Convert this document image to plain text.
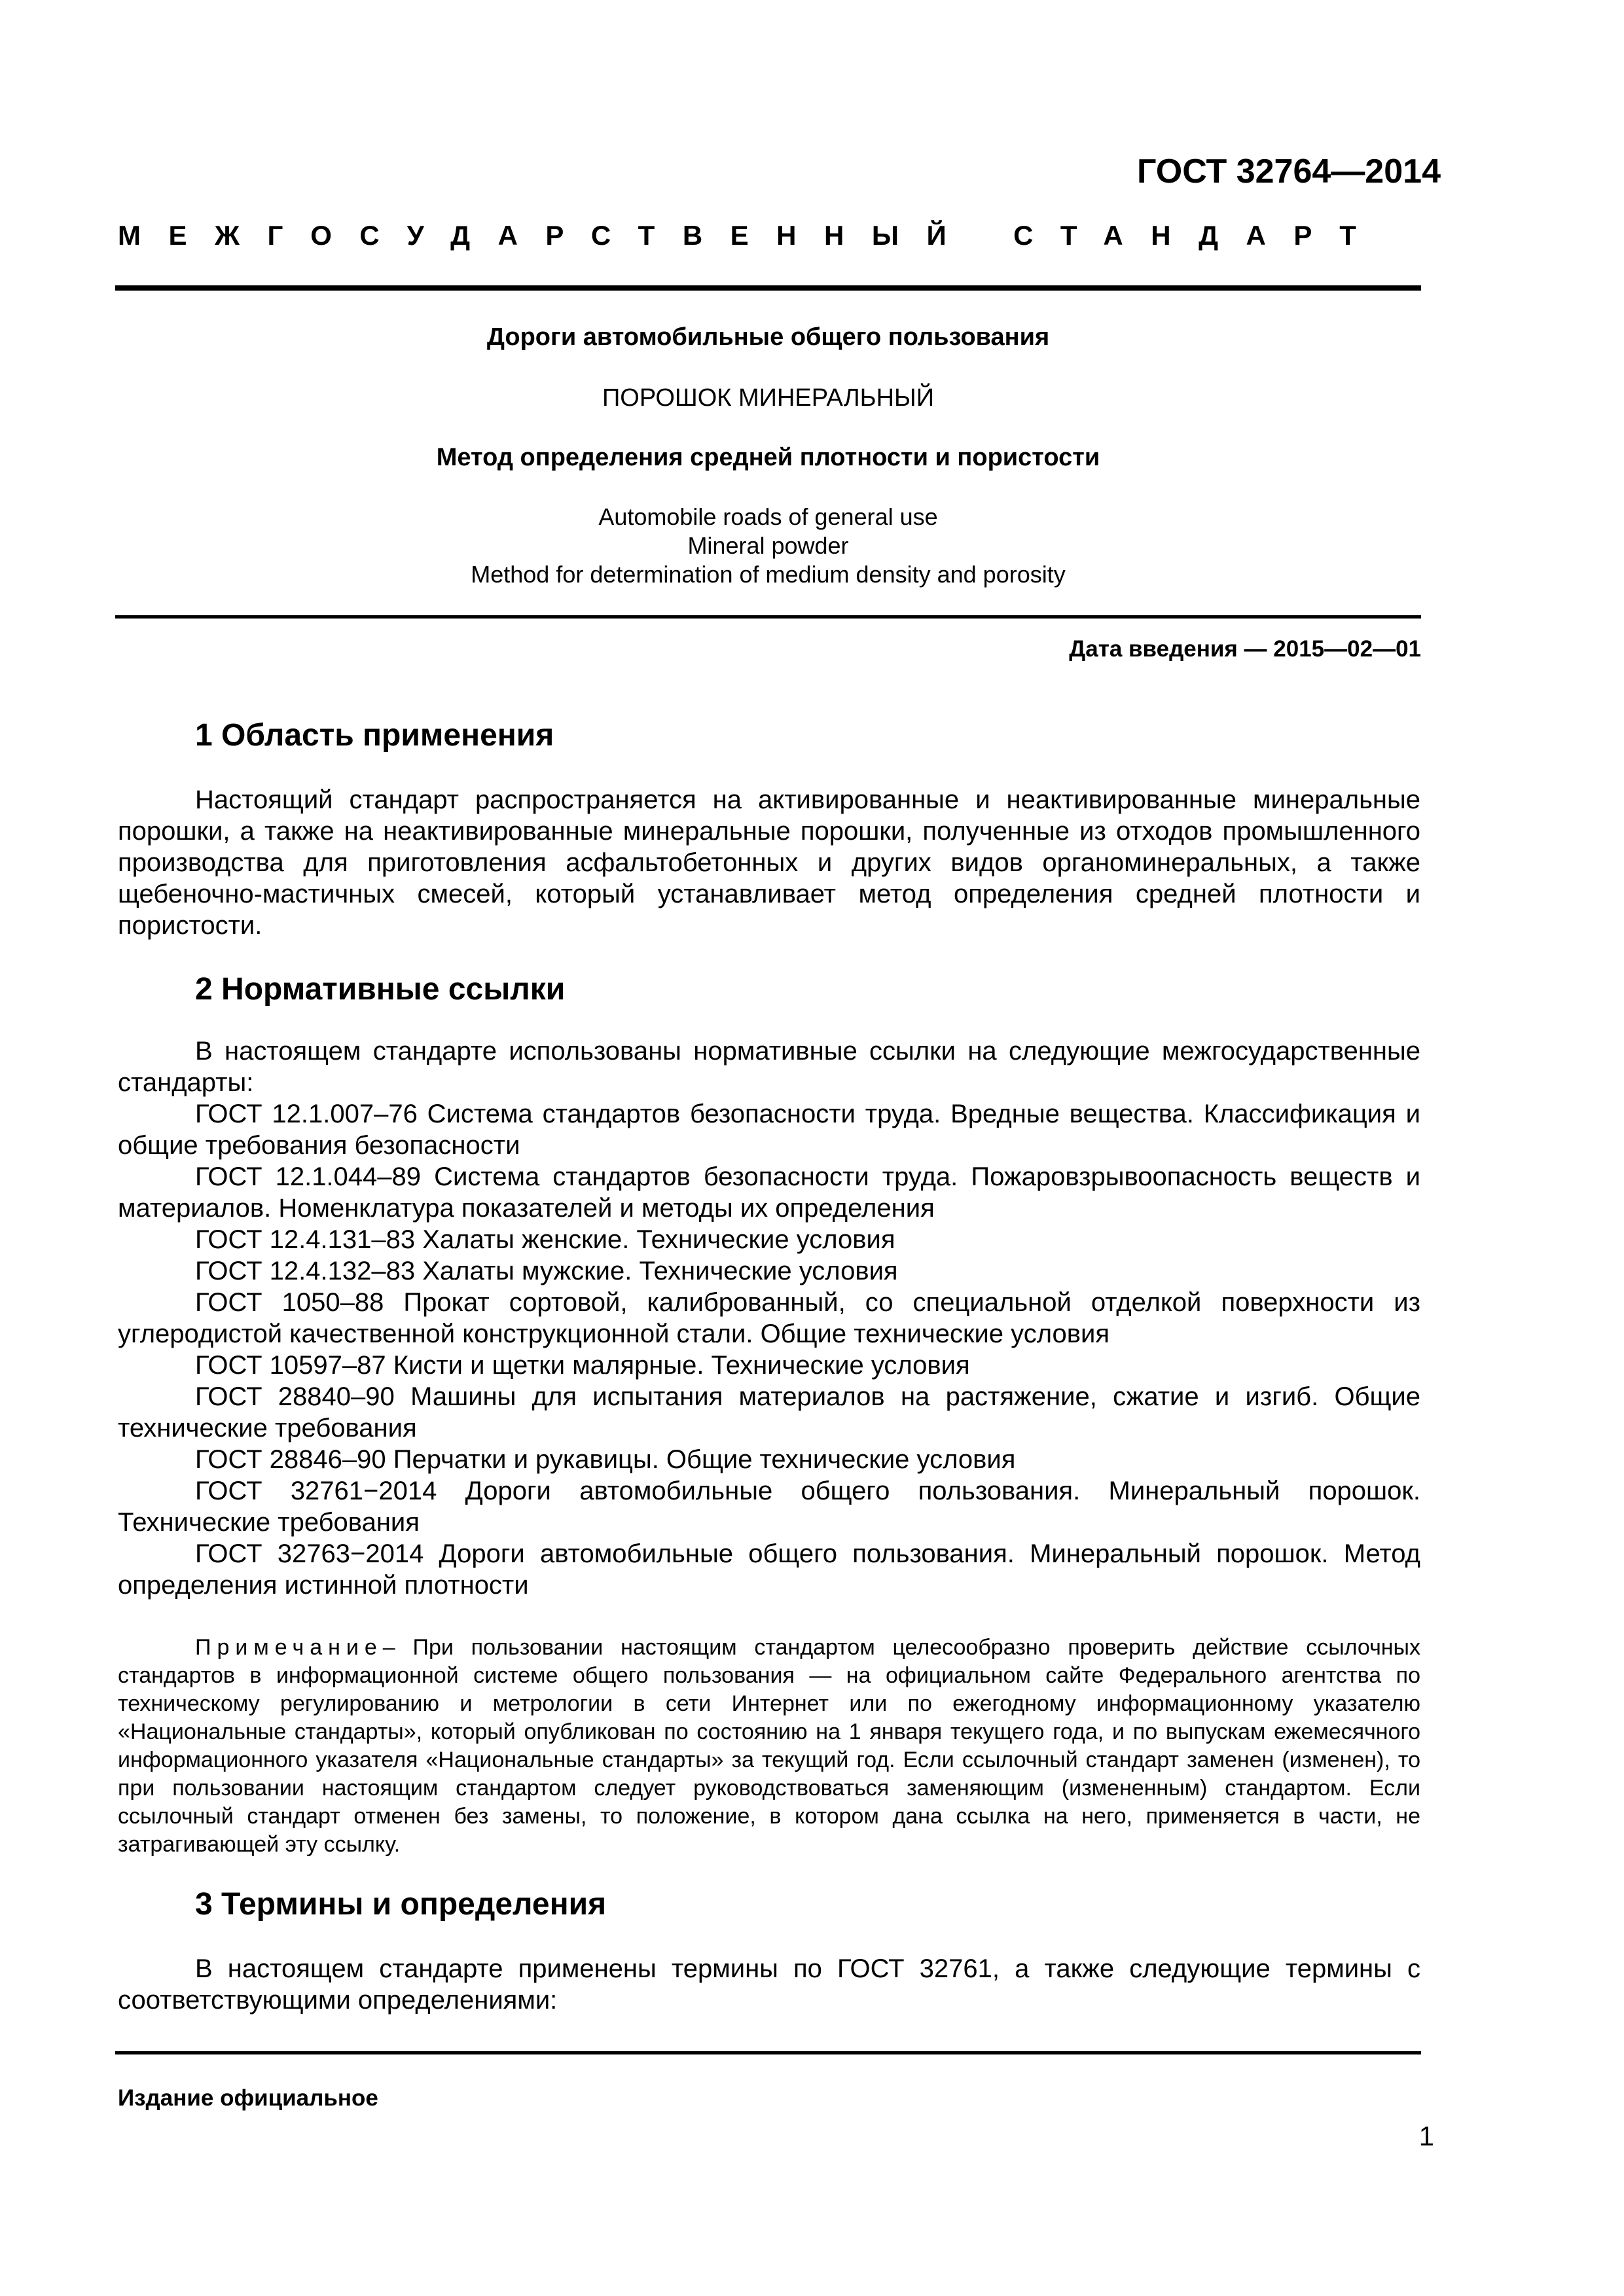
ГОСТ 32764—2014
МЕЖГОСУДАРСТВЕННЫЙ СТАНДАРТ
Дороги автомобильные общего пользования
ПОРОШОК МИНЕРАЛЬНЫЙ
Метод определения средней плотности и пористости
Automobile roads of general use
Mineral powder
Method for determination of medium density and porosity
Дата введения — 2015—02—01
1 Область применения

Настоящий стандарт распространяется на активированные и неактивированные минеральные порошки, а также на неактивированные минеральные порошки, полученные из отходов промышленного производства для приготовления асфальтобетонных и других видов органоминеральных, а также щебеночно-мастичных смесей, который устанавливает метод определения средней плотности и пористости.

2 Нормативные ссылки

В настоящем стандарте использованы нормативные ссылки на следующие межгосударственные стандарты:

ГОСТ 12.1.007–76 Система стандартов безопасности труда. Вредные вещества. Классификация и общие требования безопасности

ГОСТ 12.1.044–89 Система стандартов безопасности труда. Пожаровзрывоопасность веществ и материалов. Номенклатура показателей и методы их определения

ГОСТ 12.4.131–83 Халаты женские. Технические условия

ГОСТ 12.4.132–83 Халаты мужские. Технические условия

ГОСТ 1050–88 Прокат сортовой, калиброванный, со специальной отделкой поверхности из углеродистой качественной конструкционной стали. Общие технические условия

ГОСТ 10597–87 Кисти и щетки малярные. Технические условия

ГОСТ 28840–90 Машины для испытания материалов на растяжение, сжатие и изгиб. Общие технические требования

ГОСТ 28846–90 Перчатки и рукавицы. Общие технические условия

ГОСТ 32761−2014 Дороги автомобильные общего пользования. Минеральный порошок. Технические требования

ГОСТ 32763−2014 Дороги автомобильные общего пользования. Минеральный порошок. Метод определения истинной плотности

Примечание– При пользовании настоящим стандартом целесообразно проверить действие ссылочных стандартов в информационной системе общего пользования — на официальном сайте Федерального агентства по техническому регулированию и метрологии в сети Интернет или по ежегодному информационному указателю «Национальные стандарты», который опубликован по состоянию на 1 января текущего года, и по выпускам ежемесячного информационного указателя «Национальные стандарты» за текущий год. Если ссылочный стандарт заменен (изменен), то при пользовании настоящим стандартом следует руководствоваться заменяющим (измененным) стандартом. Если ссылочный стандарт отменен без замены, то положение, в котором дана ссылка на него, применяется в части, не затрагивающей эту ссылку.

3 Термины и определения

В настоящем стандарте применены термины по ГОСТ 32761, а также следующие термины с соответствующими определениями:

Издание официальное
1
